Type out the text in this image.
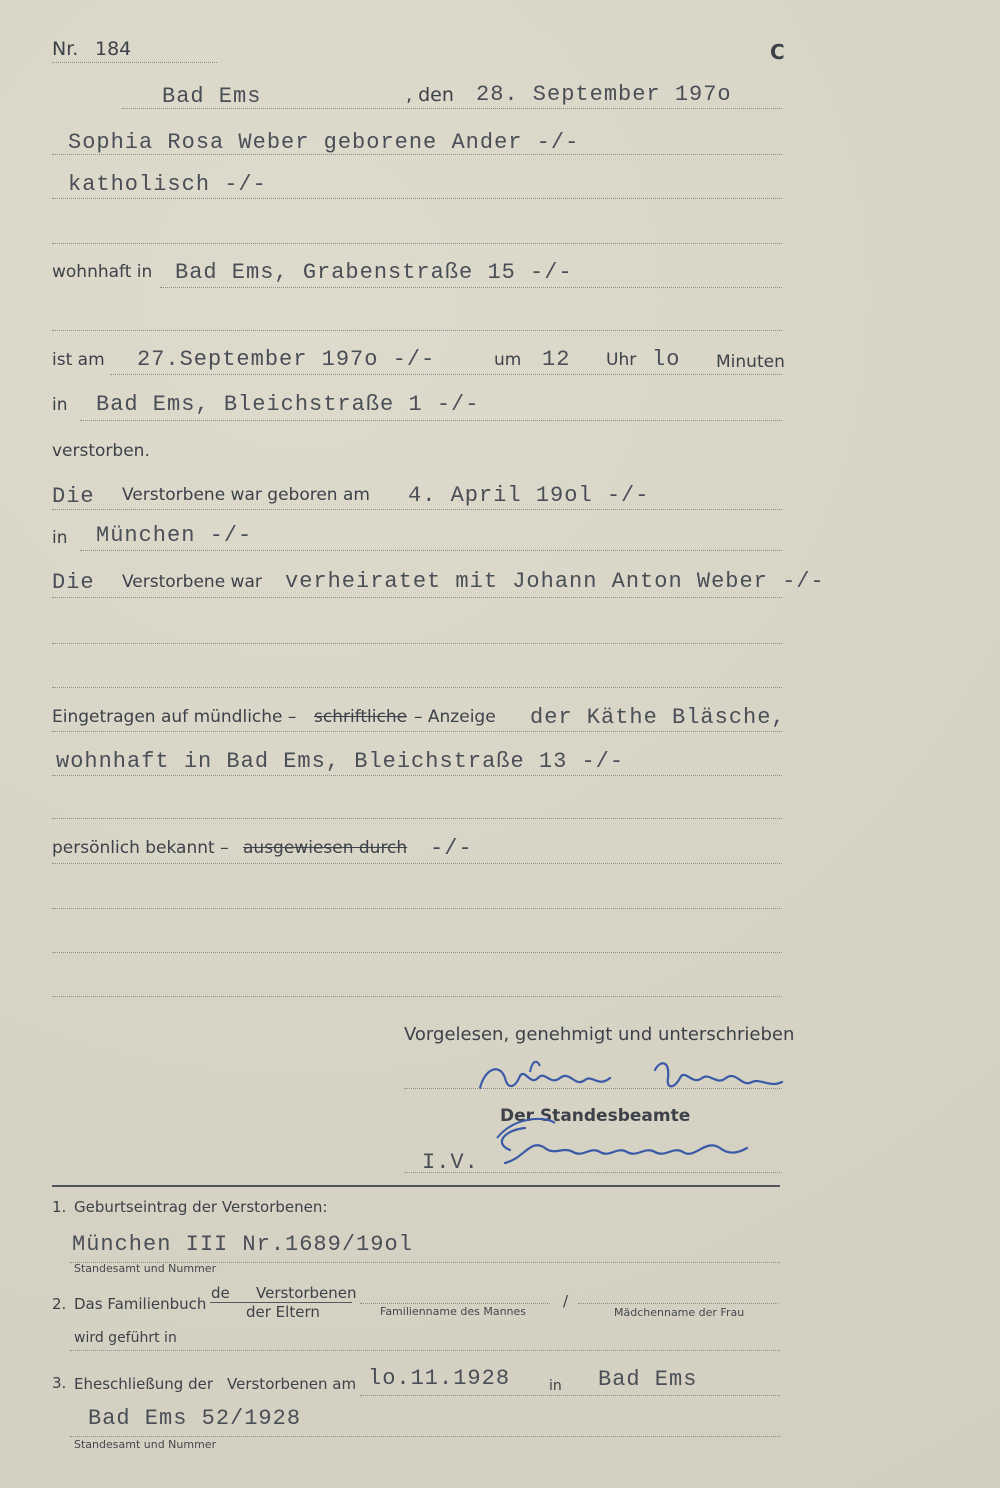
Nr. 184	C
Bad Ems	, den 28. September 197o
Sophia Rosa Weber geborene Ander -/-
katholisch -/-
wohnhaft in Bad Ems, Grabenstraße 15 -/-
ist am 27.September 197o -/-	um 12 Uhr lo Minuten
in Bad Ems, Bleichstraße 1 -/-
verstorben.
Die Verstorbene war geboren am 4. April 19ol -/-
in München -/-
Die Verstorbene war verheiratet mit Johann Anton Weber -/-
Eingetragen auf mündliche – schriftliche – Anzeige der Käthe Bläsche,
wohnhaft in Bad Ems, Bleichstraße 13 -/-
persönlich bekannt – ausgewiesen durch -/-
Vorgelesen, genehmigt und unterschrieben
Der Standesbeamte
I.V.
1. Geburtseintrag der Verstorbenen:
München III Nr.1689/19ol
Standesamt und Nummer
2. Das Familienbuch
de Verstorbenen
der Eltern	Familienname des Mannes
/
Mädchenname der Frau
wird geführt in
3. Eheschließung der Verstorbenen am lo.11.1928	in Bad Ems
Bad Ems 52/1928
Standesamt und Nummer
